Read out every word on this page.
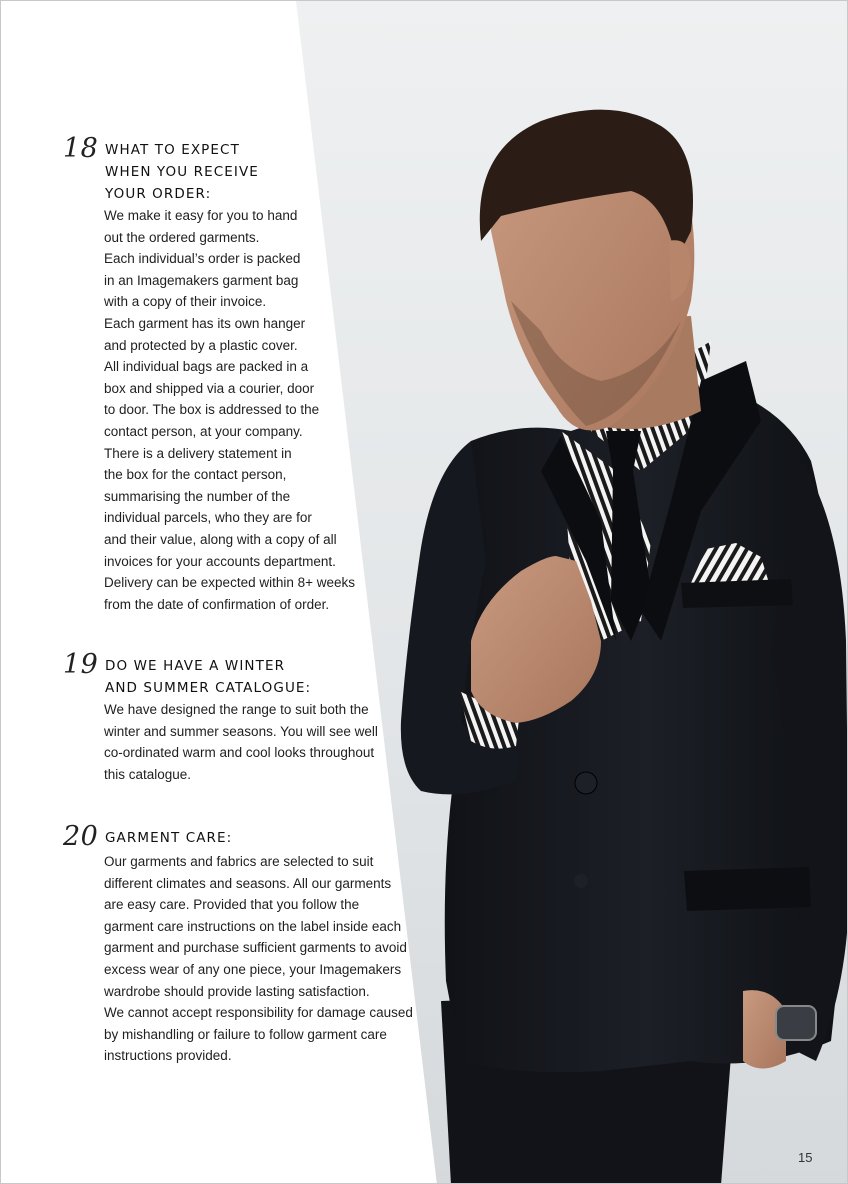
18 WHAT TO EXPECT
WHEN YOU RECEIVE
YOUR ORDER:
We make it easy for you to hand
out the ordered garments.
Each individual’s order is packed
in an Imagemakers garment bag
with a copy of their invoice.
Each garment has its own hanger
and protected by a plastic cover.
All individual bags are packed in a
box and shipped via a courier, door
to door. The box is addressed to the
contact person, at your company.
There is a delivery statement in
the box for the contact person,
summarising the number of the
individual parcels, who they are for
and their value, along with a copy of all
invoices for your accounts department.
Delivery can be expected within 8+ weeks
from the date of confirmation of order.
19 DO WE HAVE A WINTER
AND SUMMER CATALOGUE:
We have designed the range to suit both the
winter and summer seasons. You will see well
co-ordinated warm and cool looks throughout
this catalogue.
20 GARMENT CARE:
Our garments and fabrics are selected to suit
different climates and seasons. All our garments
are easy care. Provided that you follow the
garment care instructions on the label inside each
garment and purchase sufficient garments to avoid
excess wear of any one piece, your Imagemakers
wardrobe should provide lasting satisfaction.
We cannot accept responsibility for damage caused
by mishandling or failure to follow garment care
instructions provided.
15
